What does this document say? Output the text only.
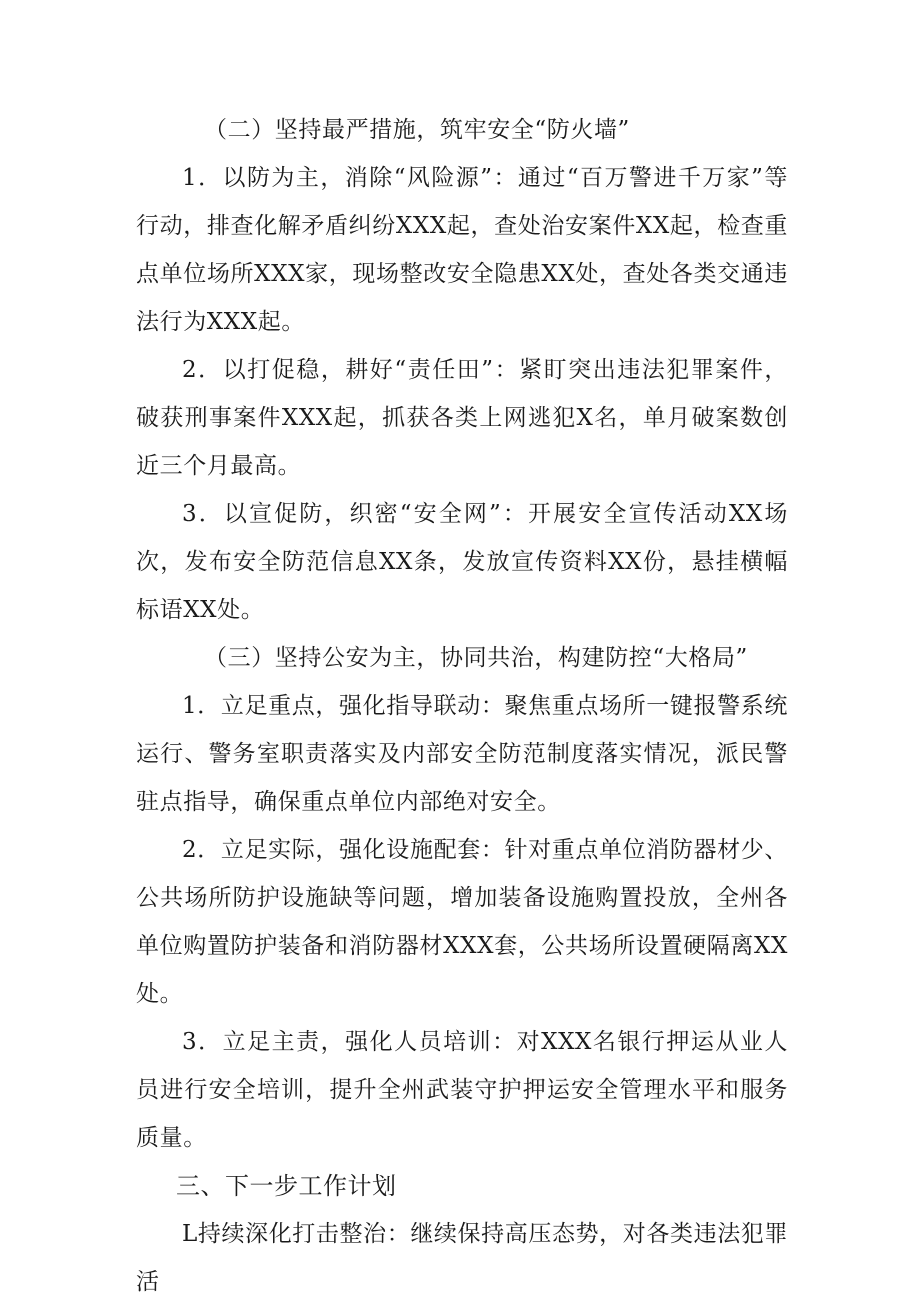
（二）坚持最严措施，筑牢安全“防火墙”

1．以防为主，消除“风险源”：通过“百万警进千万家”等行动，排查化解矛盾纠纷XXX起，查处治安案件XX起，检查重点单位场所XXX家，现场整改安全隐患XX处，查处各类交通违法行为XXX起。

2．以打促稳，耕好“责任田”：紧盯突出违法犯罪案件，破获刑事案件XXX起，抓获各类上网逃犯X名，单月破案数创近三个月最高。

3．以宣促防，织密“安全网”：开展安全宣传活动XX场次，发布安全防范信息XX条，发放宣传资料XX份，悬挂横幅标语XX处。

（三）坚持公安为主，协同共治，构建防控“大格局”

1．立足重点，强化指导联动：聚焦重点场所一键报警系统运行、警务室职责落实及内部安全防范制度落实情况，派民警驻点指导，确保重点单位内部绝对安全。

2．立足实际，强化设施配套：针对重点单位消防器材少、公共场所防护设施缺等问题，增加装备设施购置投放，全州各单位购置防护装备和消防器材XXX套，公共场所设置硬隔离XX处。

3．立足主责，强化人员培训：对XXX名银行押运从业人员进行安全培训，提升全州武装守护押运安全管理水平和服务质量。

三、下一步工作计划

L持续深化打击整治：继续保持高压态势，对各类违法犯罪活
